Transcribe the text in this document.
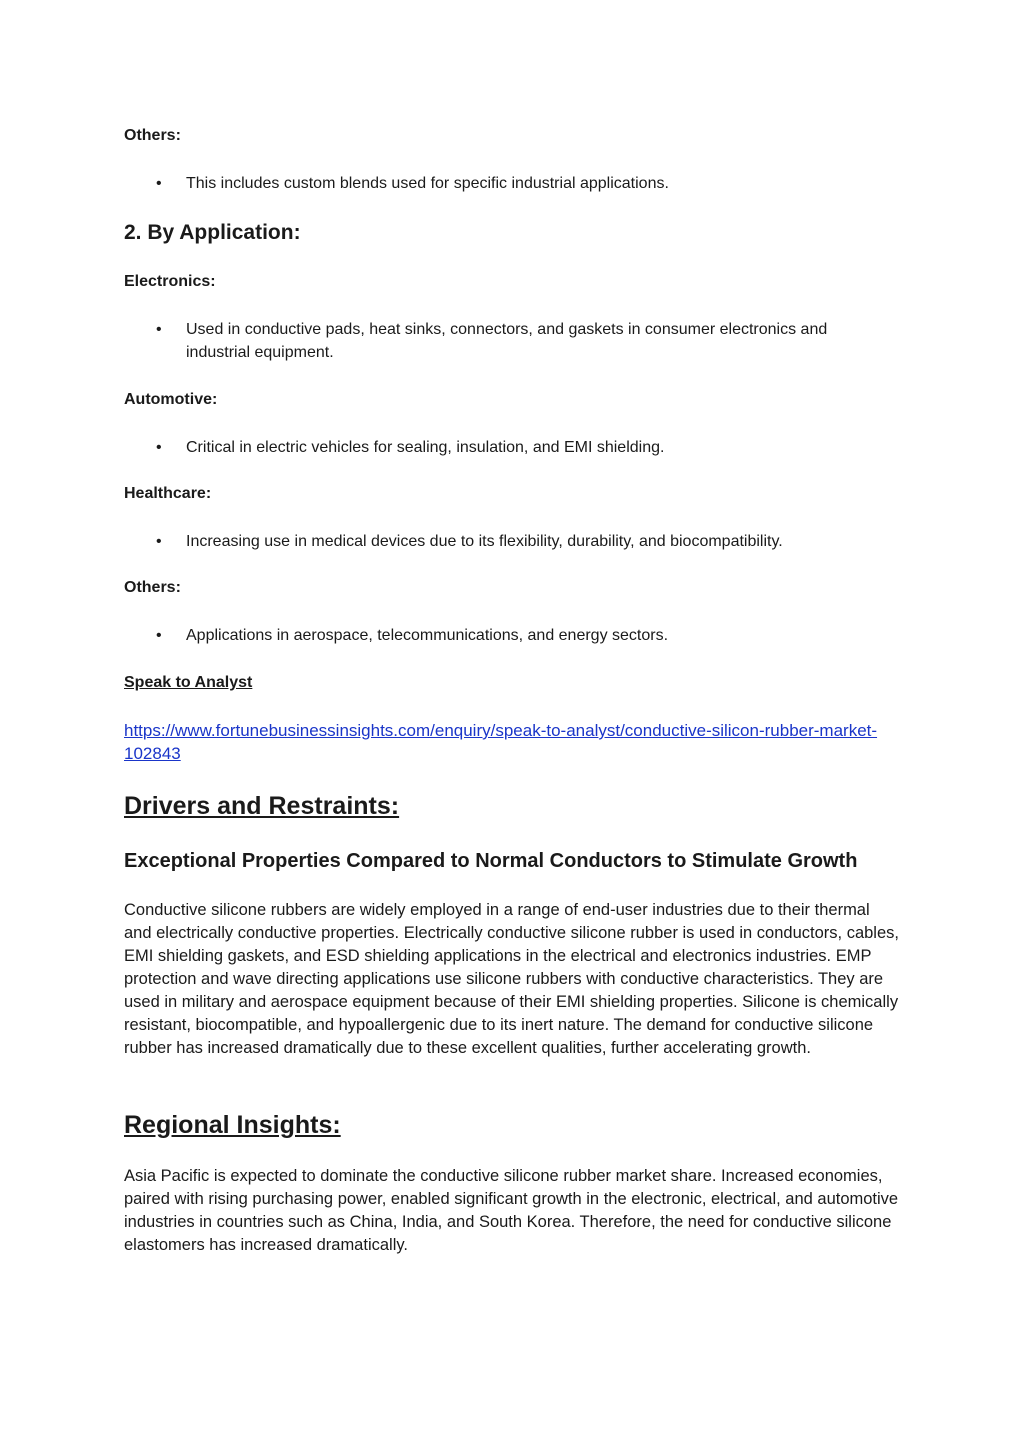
Others:

• This includes custom blends used for specific industrial applications.
2. By Application:

Electronics:

• Used in conductive pads, heat sinks, connectors, and gaskets in consumer electronics and industrial equipment.

Automotive:

• Critical in electric vehicles for sealing, insulation, and EMI shielding.

Healthcare:

• Increasing use in medical devices due to its flexibility, durability, and biocompatibility.

Others:

• Applications in aerospace, telecommunications, and energy sectors.

Speak to Analyst

https://www.fortunebusinessinsights.com/enquiry/speak-to-analyst/conductive-silicon-rubber-market-102843
Drivers and Restraints:
Exceptional Properties Compared to Normal Conductors to Stimulate Growth

Conductive silicone rubbers are widely employed in a range of end-user industries due to their thermal and electrically conductive properties. Electrically conductive silicone rubber is used in conductors, cables, EMI shielding gaskets, and ESD shielding applications in the electrical and electronics industries. EMP protection and wave directing applications use silicone rubbers with conductive characteristics. They are used in military and aerospace equipment because of their EMI shielding properties. Silicone is chemically resistant, biocompatible, and hypoallergenic due to its inert nature. The demand for conductive silicone rubber has increased dramatically due to these excellent qualities, further accelerating growth.

Regional Insights:

Asia Pacific is expected to dominate the conductive silicone rubber market share. Increased economies, paired with rising purchasing power, enabled significant growth in the electronic, electrical, and automotive industries in countries such as China, India, and South Korea. Therefore, the need for conductive silicone elastomers has increased dramatically.
